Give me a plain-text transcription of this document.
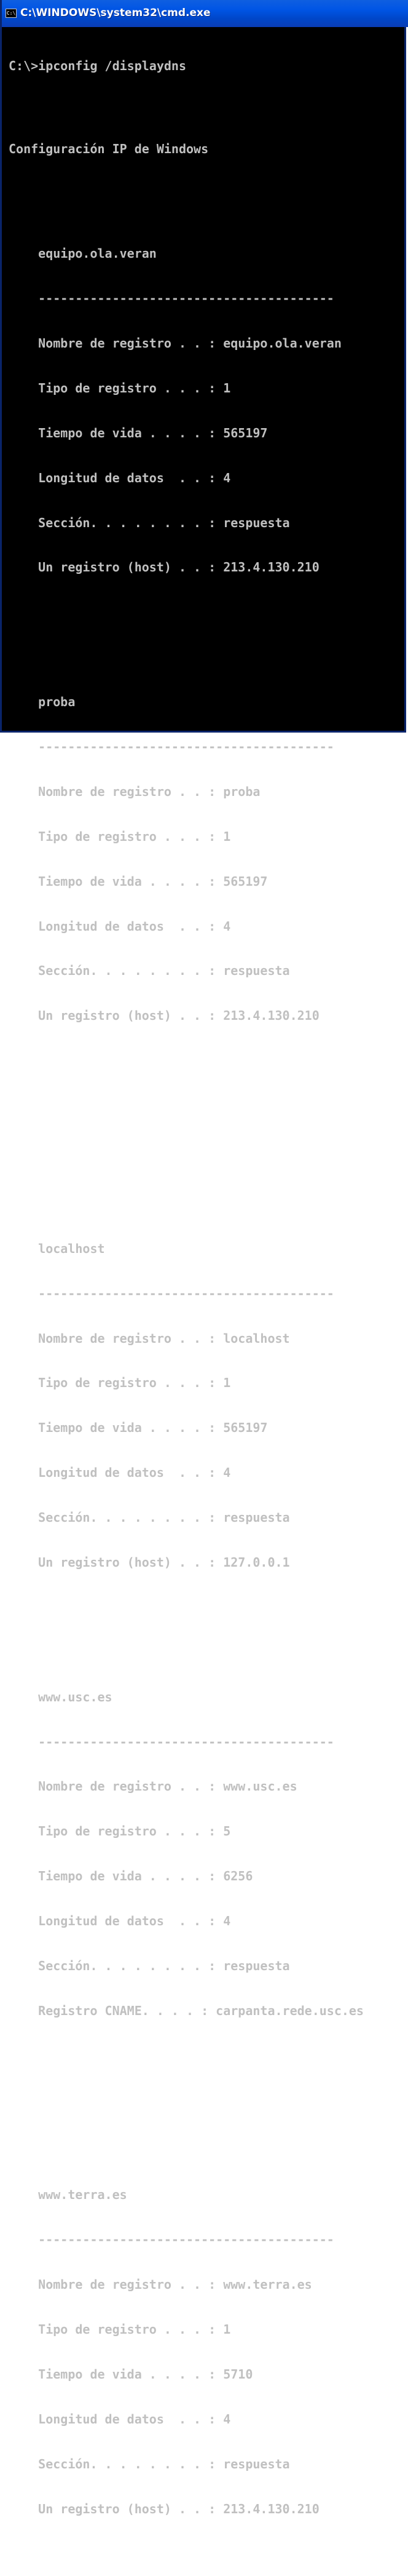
C:\ C:\WINDOWS\system32\cmd.exe

C:\>ipconfig /displaydns

Configuración IP de Windows

equipo.ola.veran

----------------------------------------

Nombre de registro . . : equipo.ola.veran

Tipo de registro . . . : 1

Tiempo de vida . . . . : 565197

Longitud de datos  . . : 4

Sección. . . . . . . . : respuesta

Un registro (host) . . : 213.4.130.210

proba

----------------------------------------

Nombre de registro . . : proba

Tipo de registro . . . : 1

Tiempo de vida . . . . : 565197

Longitud de datos  . . : 4

Sección. . . . . . . . : respuesta

Un registro (host) . . : 213.4.130.210

localhost

----------------------------------------

Nombre de registro . . : localhost

Tipo de registro . . . : 1

Tiempo de vida . . . . : 565197

Longitud de datos  . . : 4

Sección. . . . . . . . : respuesta

Un registro (host) . . : 127.0.0.1

www.usc.es

----------------------------------------

Nombre de registro . . : www.usc.es

Tipo de registro . . . : 5

Tiempo de vida . . . . : 6256

Longitud de datos  . . : 4

Sección. . . . . . . . : respuesta

Registro CNAME. . . . : carpanta.rede.usc.es

www.terra.es

----------------------------------------

Nombre de registro . . : www.terra.es

Tipo de registro . . . : 1

Tiempo de vida . . . . : 5710

Longitud de datos  . . : 4

Sección. . . . . . . . : respuesta

Un registro (host) . . : 213.4.130.210
